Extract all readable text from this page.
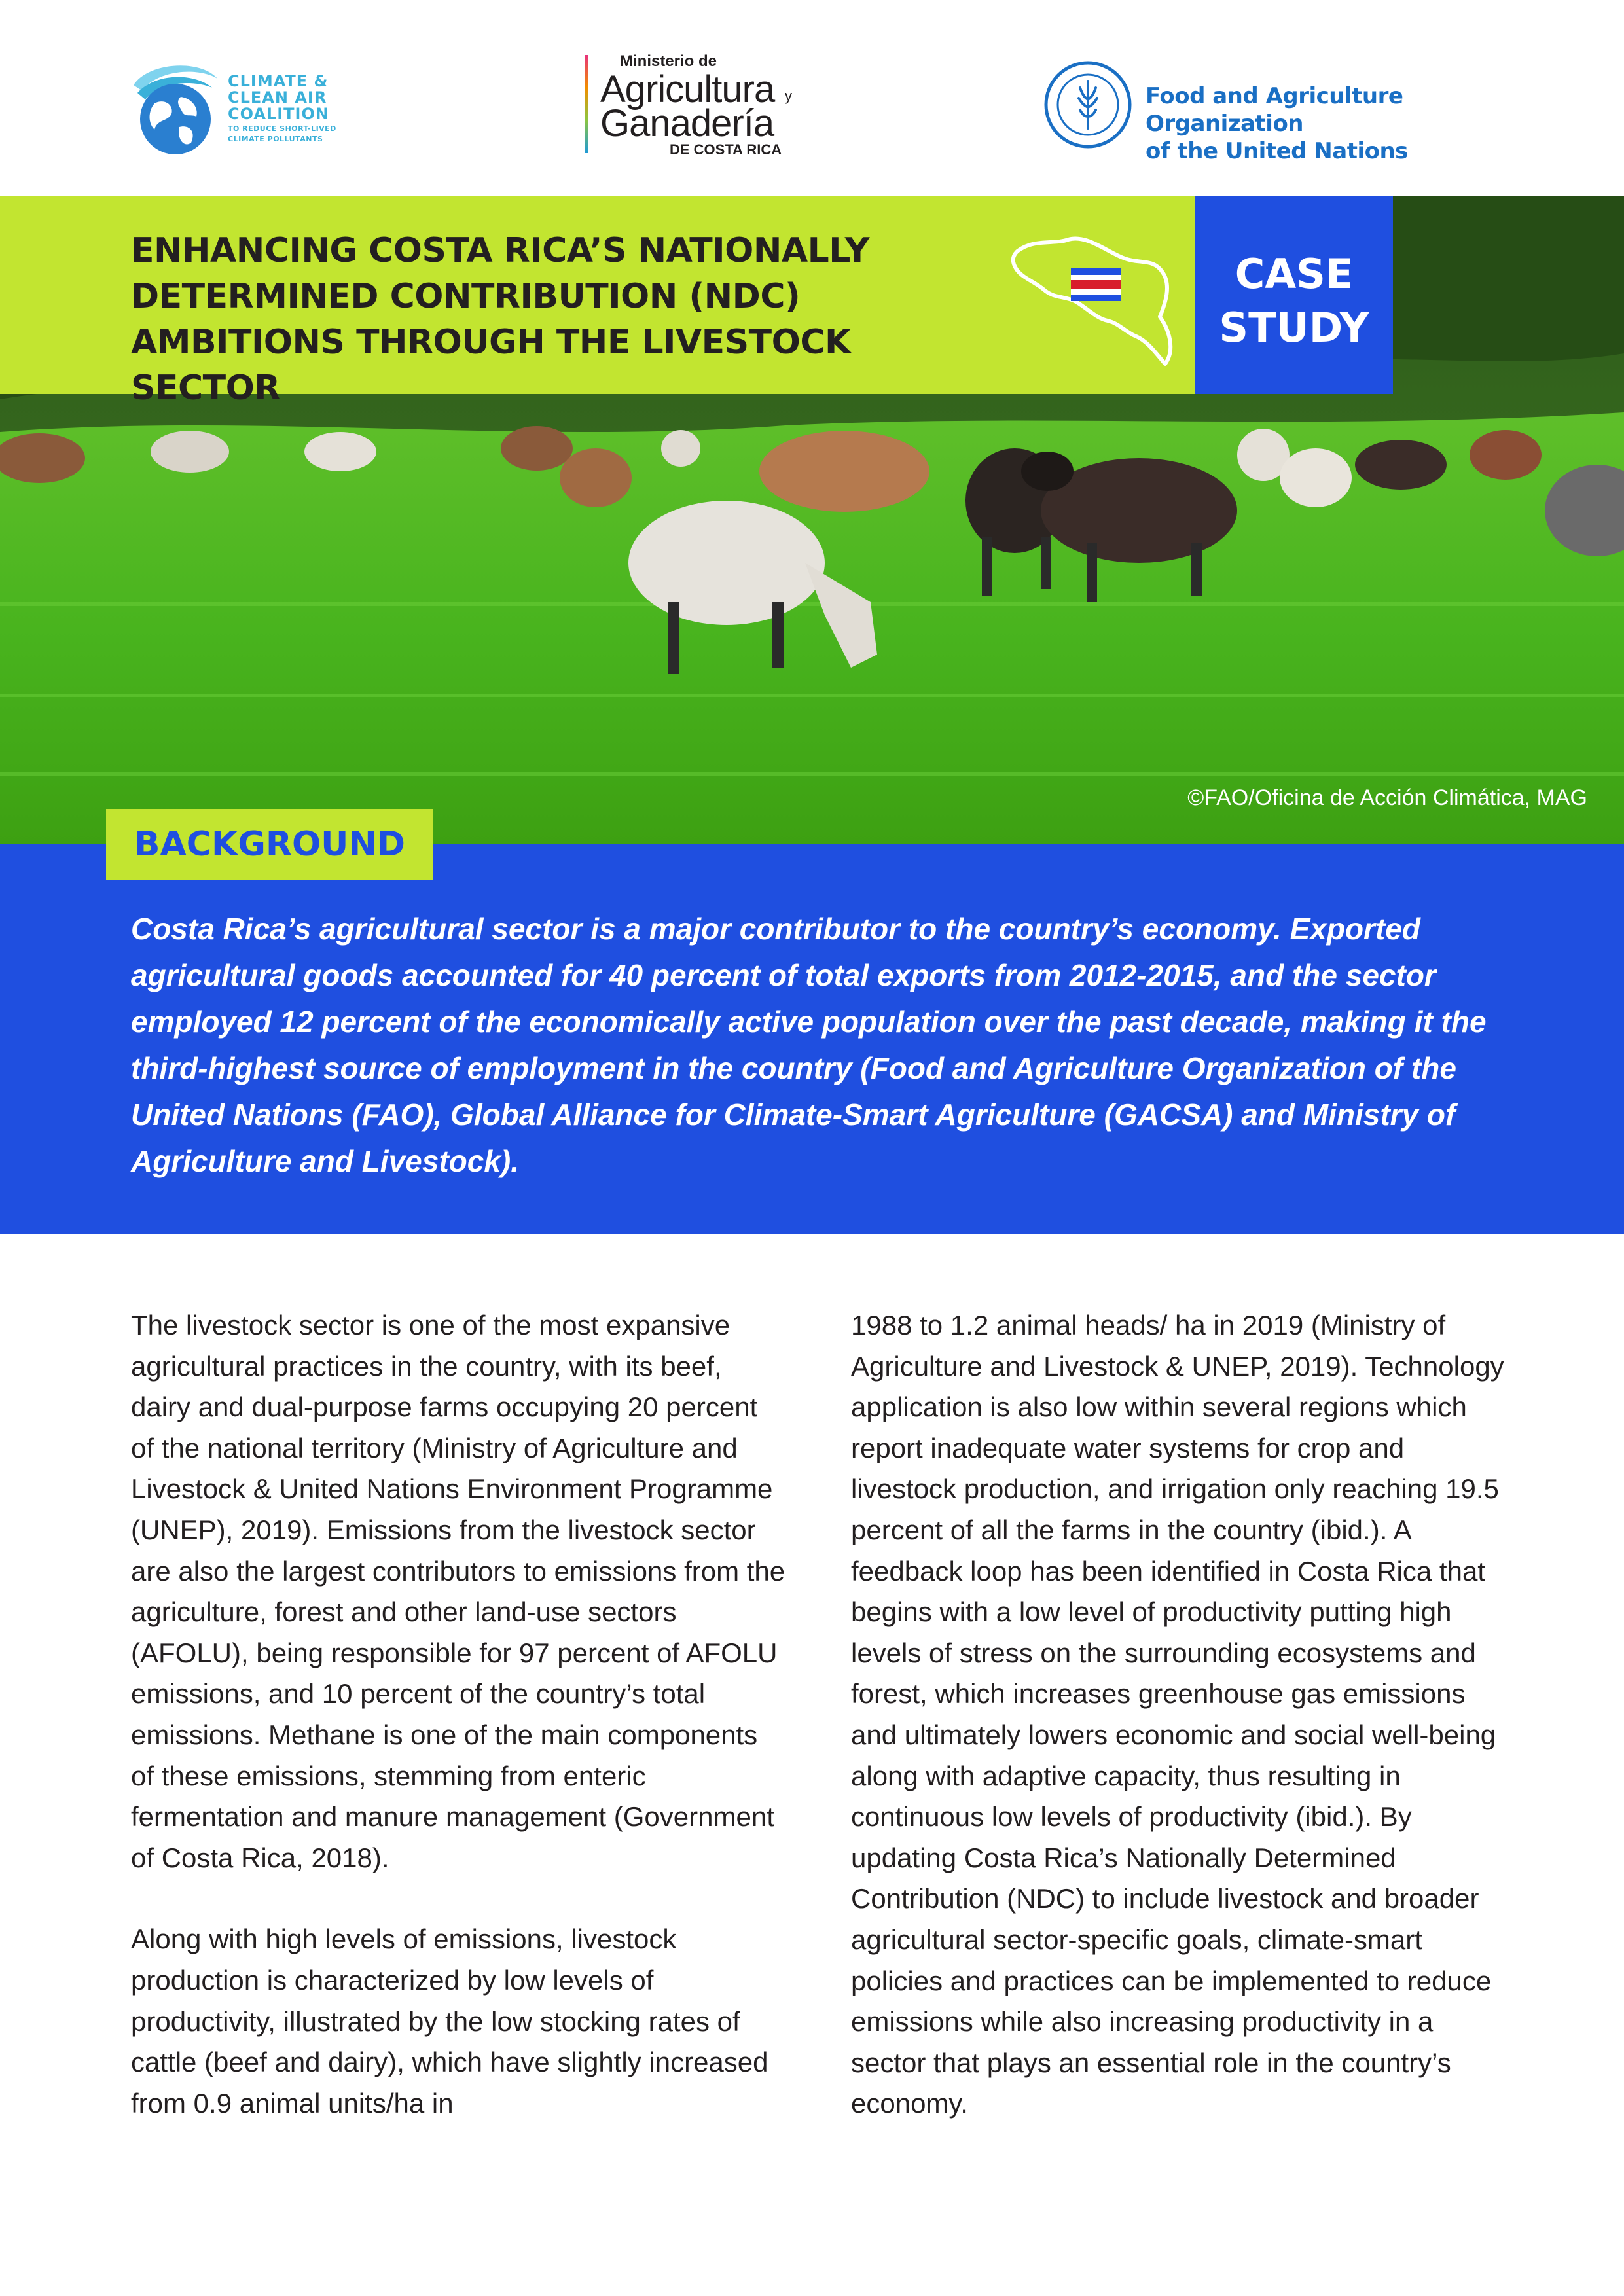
CLIMATE &
CLEAN AIR
COALITION
TO REDUCE SHORT-LIVED
CLIMATE POLLUTANTS
Ministerio de
Agricultura y
Ganadería
DE COSTA RICA
Food and Agriculture Organization
of the United Nations
ENHANCING COSTA RICA’S NATIONALLY
DETERMINED CONTRIBUTION (NDC)
AMBITIONS THROUGH THE LIVESTOCK SECTOR
CASE
STUDY
©FAO/Oficina de Acción Climática, MAG
BACKGROUND
Costa Rica’s agricultural sector is a major contributor to the country’s economy. Exported agricultural goods accounted for 40 percent of total exports from 2012-2015, and the sector employed 12 percent of the economically active population over the past decade, making it the third-highest source of employment in the country (Food and Agriculture Organization of the United Nations (FAO), Global Alliance for Climate-Smart Agriculture (GACSA) and Ministry of Agriculture and Livestock).

The livestock sector is one of the most expansive agricultural practices in the country, with its beef, dairy and dual-purpose farms occupying 20 percent of the national territory (Ministry of Agriculture and Livestock & United Nations Environment Programme (UNEP), 2019). Emissions from the livestock sector are also the largest contributors to emissions from the agriculture, forest and other land-use sectors (AFOLU), being responsible for 97 percent of AFOLU emissions, and 10 percent of the country’s total emissions. Methane is one of the main components of these emissions, stemming from enteric fermentation and manure management (Government of Costa Rica, 2018).

Along with high levels of emissions, livestock production is characterized by low levels of productivity, illustrated by the low stocking rates of cattle (beef and dairy), which have slightly increased from 0.9 animal units/ha in

1988 to 1.2 animal heads/ ha in 2019 (Ministry of Agriculture and Livestock & UNEP, 2019). Technology application is also low within several regions which report inadequate water systems for crop and livestock production, and irrigation only reaching 19.5 percent of all the farms in the country (ibid.). A feedback loop has been identified in Costa Rica that begins with a low level of productivity putting high levels of stress on the surrounding ecosystems and forest, which increases greenhouse gas emissions and ultimately lowers economic and social well-being along with adaptive capacity, thus resulting in continuous low levels of productivity (ibid.). By updating Costa Rica’s Nationally Determined Contribution (NDC) to include livestock and broader agricultural sector-specific goals, climate-smart policies and practices can be implemented to reduce emissions while also increasing productivity in a sector that plays an essential role in the country’s economy.
